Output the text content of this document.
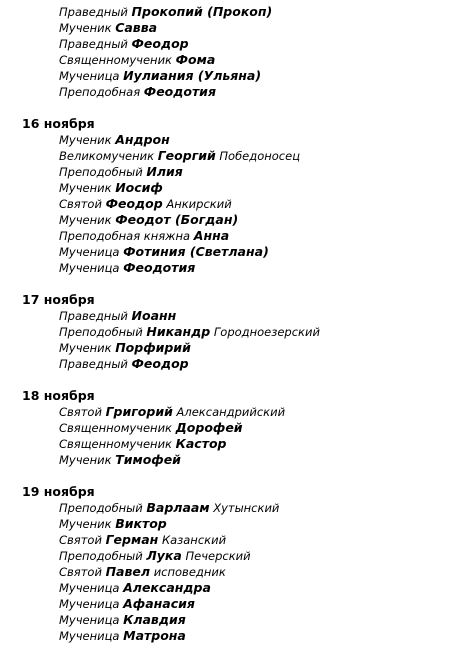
Праведный Прокопий (Прокоп)
Мученик Савва
Праведный Феодор
Священномученик Фома
Мученица Иулиания (Ульяна)
Преподобная Феодотия
16 ноября
Мученик Андрон
Великомученик Георгий Победоносец
Преподобный Илия
Мученик Иосиф
Святой Феодор Анкирский
Мученик Феодот (Богдан)
Преподобная княжна Анна
Мученица Фотиния (Светлана)
Мученица Феодотия
17 ноября
Праведный Иоанн
Преподобный Никандр Городноезерский
Мученик Порфирий
Праведный Феодор
18 ноября
Святой Григорий Александрийский
Священномученик Дорофей
Священномученик Кастор
Мученик Тимофей
19 ноября
Преподобный Варлаам Хутынский
Мученик Виктор
Святой Герман Казанский
Преподобный Лука Печерский
Святой Павел исповедник
Мученица Александра
Мученица Афанасия
Мученица Клавдия
Мученица Матрона
